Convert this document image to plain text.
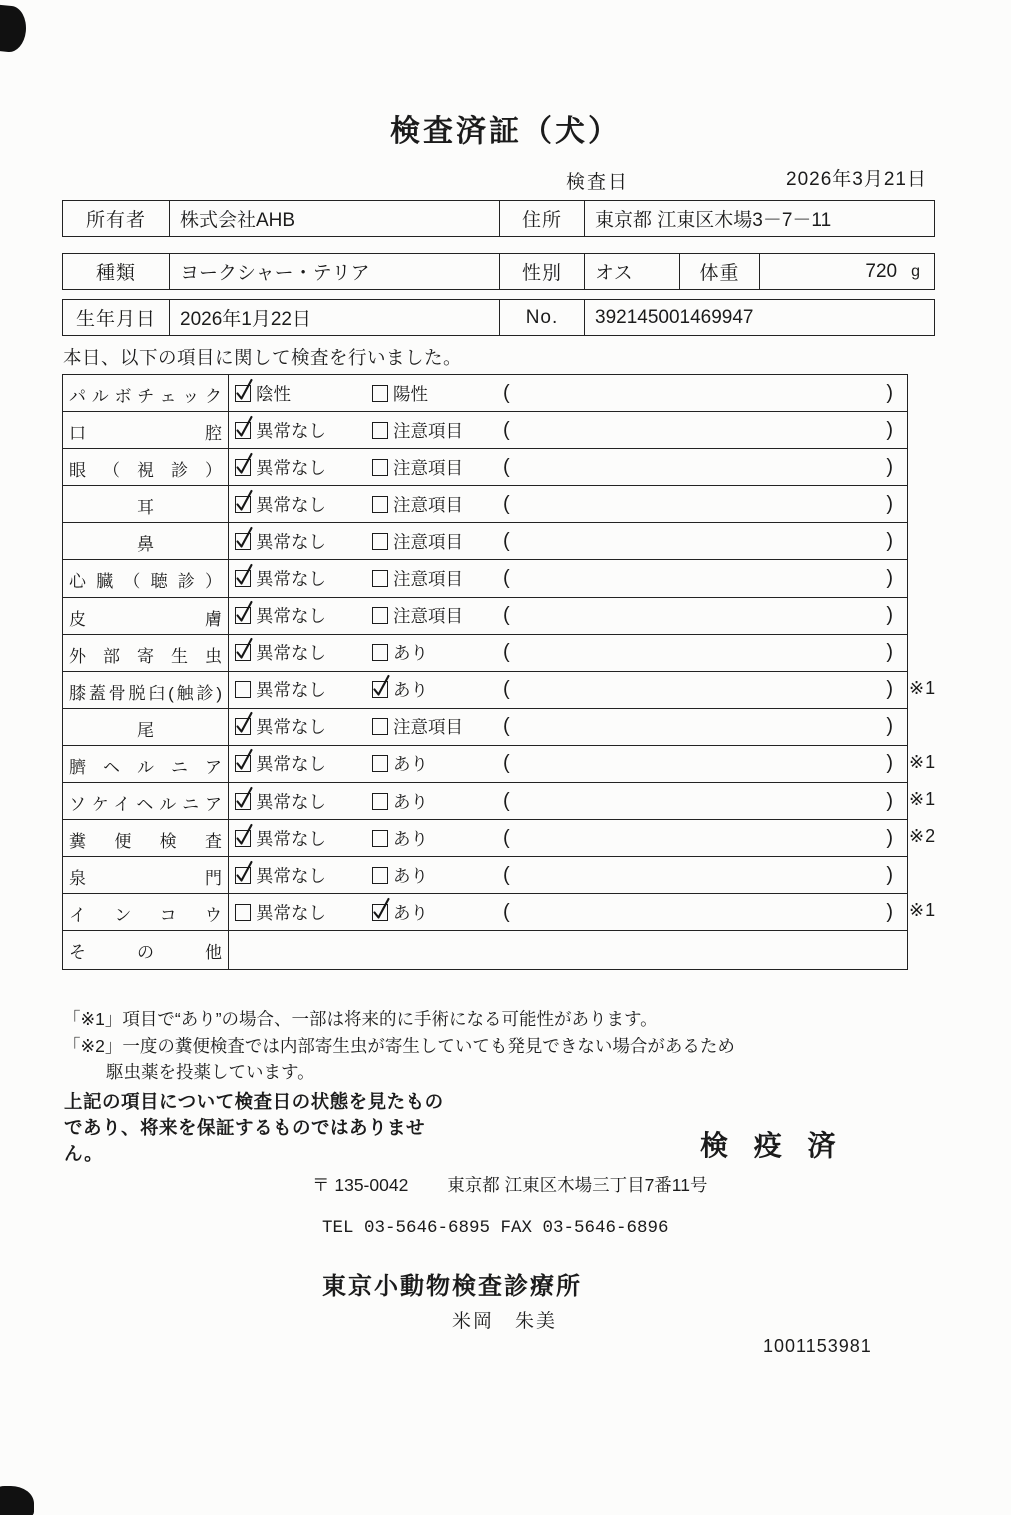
検査済証（犬）
検査日	2026年3月21日
所有者	株式会社AHB	住所	東京都 江東区木場3－7－11
種類	ヨークシャー・テリア	性別	オス	体重	720 g
生年月日	2026年1月22日	No.	392145001469947
本日、以下の項目に関して検査を行いました。
パルボチェック	陰性	陽性	(	)
口腔	異常なし	注意項目 (	)
眼（視診）	異常なし	注意項目 (	)
耳	異常なし	注意項目 (	)
鼻	異常なし	注意項目 (	)
心臓（聴診）	異常なし	注意項目 (	)
皮膚	異常なし	注意項目 (	)
外部寄生虫	異常なし	あり	(	)
膝蓋骨脱臼(触診)	異常なし	あり	(	) ※1
尾	異常なし	注意項目 (	)
臍ヘルニア	異常なし	あり	(	) ※1
ソケイヘルニア	異常なし	あり	(	) ※1
糞便検査	異常なし	あり	(	) ※2
泉門	異常なし	あり	(	)
インコウ	異常なし	あり	(	) ※1
その他
「※1」項目で“あり”の場合、一部は将来的に手術になる可能性があります。
「※2」一度の糞便検査では内部寄生虫が寄生していても発見できない場合があるため
駆虫薬を投薬しています。
上記の項目について検査日の状態を見たものであり、将来を保証するものではありません。	検 疫 済
〒 135-0042 東京都 江東区木場三丁目7番11号
TEL 03-5646-6895 FAX 03-5646-6896
東京小動物検査診療所
米岡　朱美
1001153981
